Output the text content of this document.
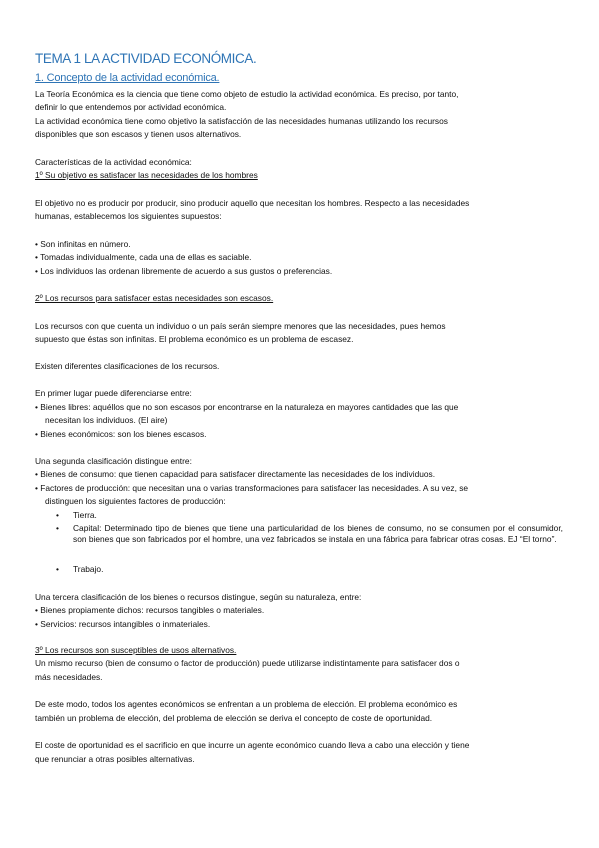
TEMA 1 LA ACTIVIDAD ECONÓMICA.
1. Concepto de la actividad económica.
La Teoría Económica es la ciencia que tiene como objeto de estudio la actividad económica. Es preciso, por tanto,
definir lo que entendemos por actividad económica.
La actividad económica tiene como objetivo la satisfacción de las necesidades humanas utilizando los recursos
disponibles que son escasos y tienen usos alternativos.
Características de la actividad económica:
1º Su objetivo es satisfacer las necesidades de los hombres
El objetivo no es producir por producir, sino producir aquello que necesitan los hombres. Respecto a las necesidades
humanas, establecemos los siguientes supuestos:
• Son infinitas en número.
• Tomadas individualmente, cada una de ellas es saciable.
• Los individuos las ordenan libremente de acuerdo a sus gustos o preferencias.
2º Los recursos para satisfacer estas necesidades son escasos.
Los recursos con que cuenta un individuo o un país serán siempre menores que las necesidades, pues hemos
supuesto que éstas son infinitas. El problema económico es un problema de escasez.
Existen diferentes clasificaciones de los recursos.
En primer lugar puede diferenciarse entre:
• Bienes libres: aquéllos que no son escasos por encontrarse en la naturaleza en mayores cantidades que las que
necesitan los individuos. (El aire)
• Bienes económicos: son los bienes escasos.
Una segunda clasificación distingue entre:
• Bienes de consumo: que tienen capacidad para satisfacer directamente las necesidades de los individuos.
• Factores de producción: que necesitan una o varias transformaciones para satisfacer las necesidades. A su vez, se
distinguen los siguientes factores de producción:
• Tierra.
• Capital: Determinado tipo de bienes que tiene una particularidad de los bienes de consumo, no se consumen por el consumidor, son bienes que son fabricados por el hombre, una vez fabricados se instala en una fábrica para fabricar otras cosas. EJ “El torno”.
• Trabajo.
Una tercera clasificación de los bienes o recursos distingue, según su naturaleza, entre:
• Bienes propiamente dichos: recursos tangibles o materiales.
• Servicios: recursos intangibles o inmateriales.
3º Los recursos son susceptibles de usos alternativos.
Un mismo recurso (bien de consumo o factor de producción) puede utilizarse indistintamente para satisfacer dos o
más necesidades.
De este modo, todos los agentes económicos se enfrentan a un problema de elección. El problema económico es
también un problema de elección, del problema de elección se deriva el concepto de coste de oportunidad.
El coste de oportunidad es el sacrificio en que incurre un agente económico cuando lleva a cabo una elección y tiene
que renunciar a otras posibles alternativas.
